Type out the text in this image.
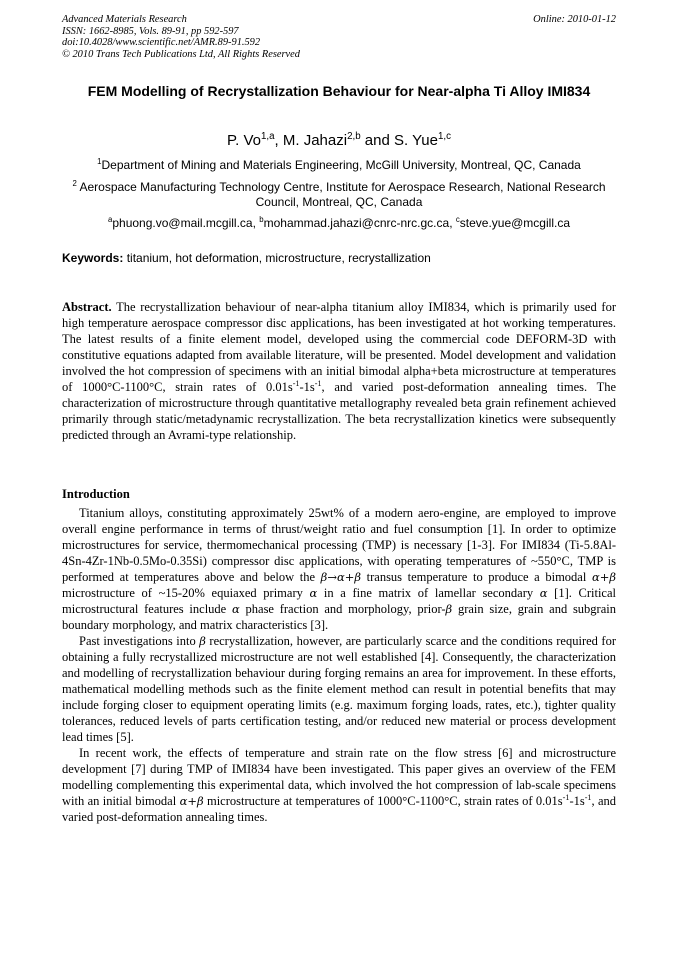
Advanced Materials Research
ISSN: 1662-8985, Vols. 89-91, pp 592-597
doi:10.4028/www.scientific.net/AMR.89-91.592
© 2010 Trans Tech Publications Ltd, All Rights Reserved
Online: 2010-01-12
FEM Modelling of Recrystallization Behaviour for Near-alpha Ti Alloy IMI834
P. Vo$^{1,a}$, M. Jahazi$^{2,b}$ and S. Yue$^{1,c}$
$^1$Department of Mining and Materials Engineering, McGill University, Montreal, QC, Canada
$^2$ Aerospace Manufacturing Technology Centre, Institute for Aerospace Research, National Research Council, Montreal, QC, Canada
$^a$phuong.vo@mail.mcgill.ca, $^b$mohammad.jahazi@cnrc-nrc.gc.ca, $^c$steve.yue@mcgill.ca
Keywords: titanium, hot deformation, microstructure, recrystallization
Abstract. The recrystallization behaviour of near-alpha titanium alloy IMI834, which is primarily used for high temperature aerospace compressor disc applications, has been investigated at hot working temperatures. The latest results of a finite element model, developed using the commercial code DEFORM-3D with constitutive equations adapted from available literature, will be presented. Model development and validation involved the hot compression of specimens with an initial bimodal alpha+beta microstructure at temperatures of 1000°C-1100°C, strain rates of $0.01s^{-1}-1s^{-1}$, and varied post-deformation annealing times. The characterization of microstructure through quantitative metallography revealed beta grain refinement achieved primarily through static/metadynamic recrystallization. The beta recrystallization kinetics were subsequently predicted through an Avrami-type relationship.
Introduction

Titanium alloys, constituting approximately 25wt% of a modern aero-engine, are employed to improve overall engine performance in terms of thrust/weight ratio and fuel consumption [1]. In order to optimize microstructures for service, thermomechanical processing (TMP) is necessary [1-3]. For IMI834 (Ti-5.8Al-4Sn-4Zr-1Nb-0.5Mo-0.35Si) compressor disc applications, with operating temperatures of ~550°C, TMP is performed at temperatures above and below the β→α+β transus temperature to produce a bimodal α+β microstructure of ~15-20% equiaxed primary α in a fine matrix of lamellar secondary α [1]. Critical microstructural features include α phase fraction and morphology, prior-β grain size, grain and subgrain boundary morphology, and matrix characteristics [3].

Past investigations into β recrystallization, however, are particularly scarce and the conditions required for obtaining a fully recrystallized microstructure are not well established [4]. Consequently, the characterization and modelling of recrystallization behaviour during forging remains an area for improvement. In these efforts, mathematical modelling methods such as the finite element method can result in potential benefits that may include forging closer to equipment operating limits (e.g. maximum forging loads, rates, etc.), tighter quality tolerances, reduced levels of parts certification testing, and/or reduced new material or process development lead times [5].

In recent work, the effects of temperature and strain rate on the flow stress [6] and microstructure development [7] during TMP of IMI834 have been investigated. This paper gives an overview of the FEM modelling complementing this experimental data, which involved the hot compression of lab-scale specimens with an initial bimodal α+β microstructure at temperatures of 1000°C-1100°C, strain rates of $0.01s^{-1}-1s^{-1}$, and varied post-deformation annealing times.
